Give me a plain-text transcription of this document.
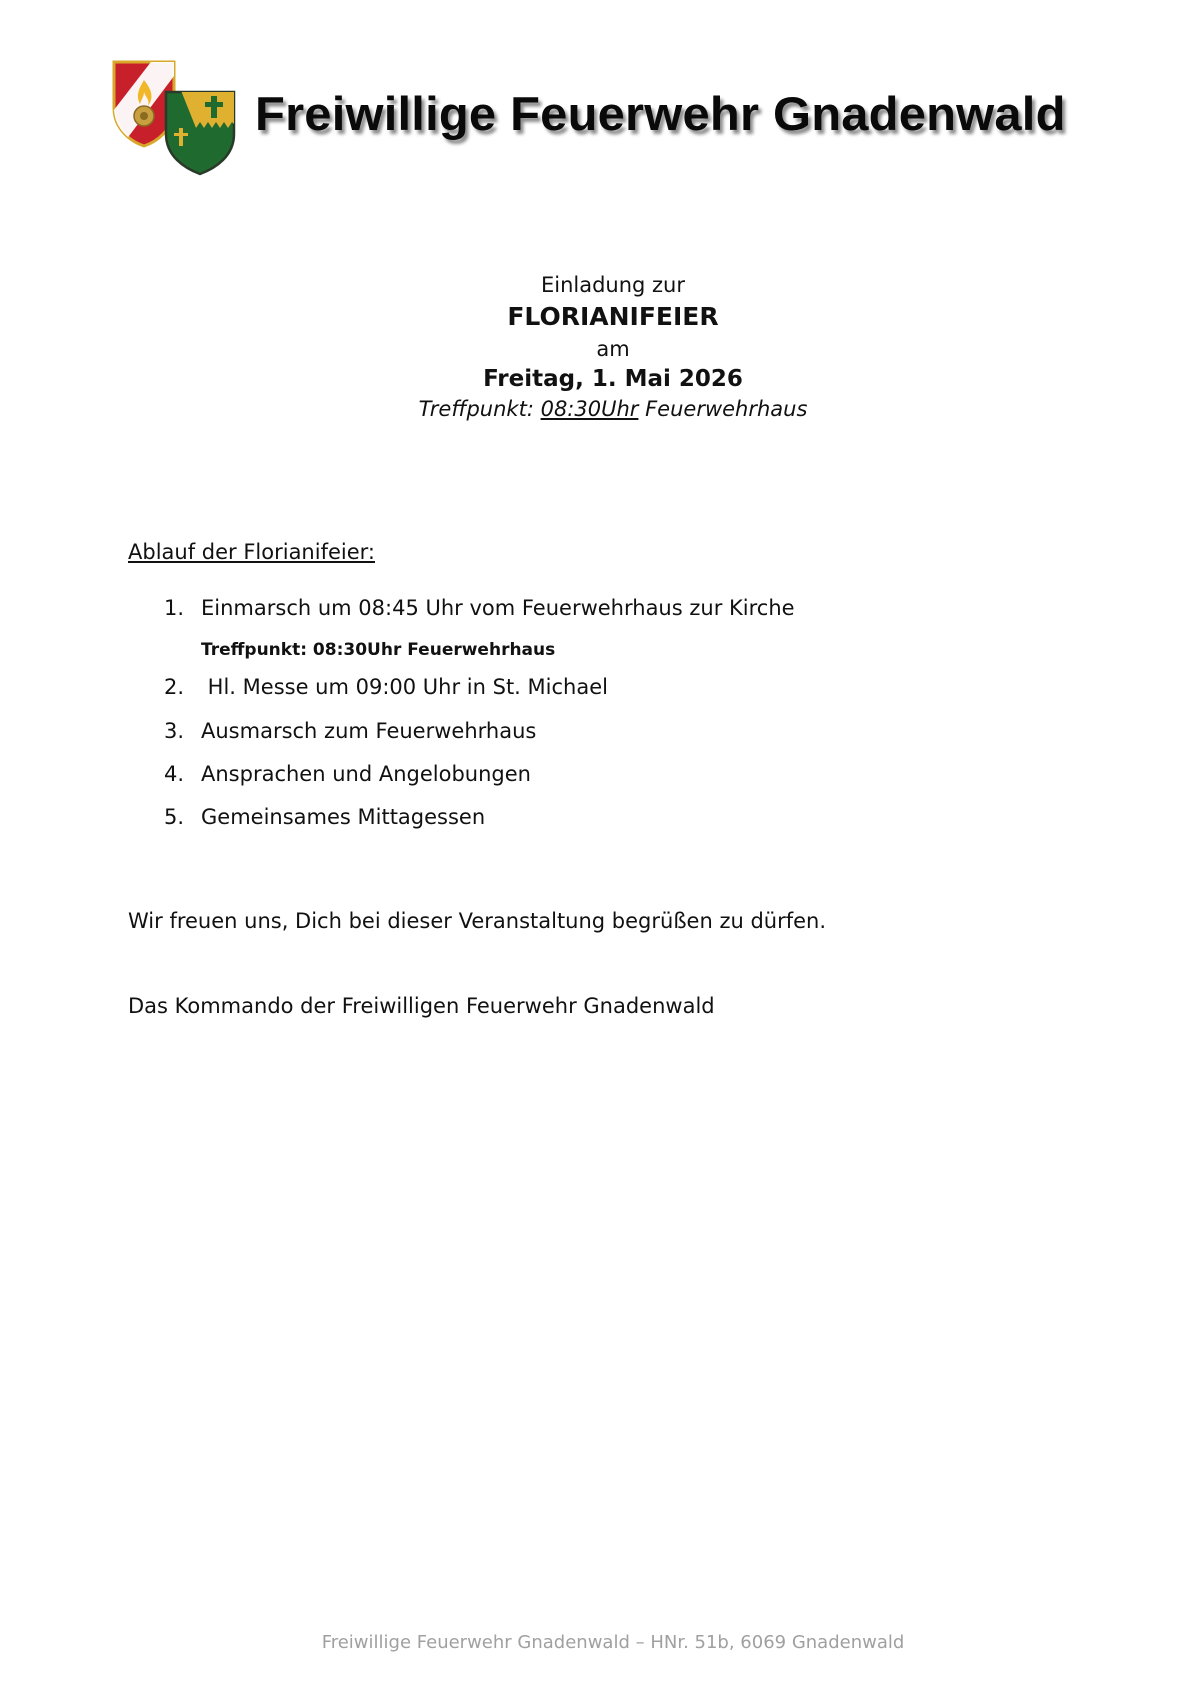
Freiwillige Feuerwehr Gnadenwald
Einladung zur
FLORIANIFEIER
am
Freitag, 1. Mai 2026
Treffpunkt: 08:30Uhr Feuerwehrhaus
Ablauf der Florianifeier:
1. Einmarsch um 08:45 Uhr vom Feuerwehrhaus zur Kirche
Treffpunkt: 08:30Uhr Feuerwehrhaus
2. Hl. Messe um 09:00 Uhr in St. Michael
3. Ausmarsch zum Feuerwehrhaus
4. Ansprachen und Angelobungen
5. Gemeinsames Mittagessen
Wir freuen uns, Dich bei dieser Veranstaltung begrüßen zu dürfen.
Das Kommando der Freiwilligen Feuerwehr Gnadenwald
Freiwillige Feuerwehr Gnadenwald – HNr. 51b, 6069 Gnadenwald
